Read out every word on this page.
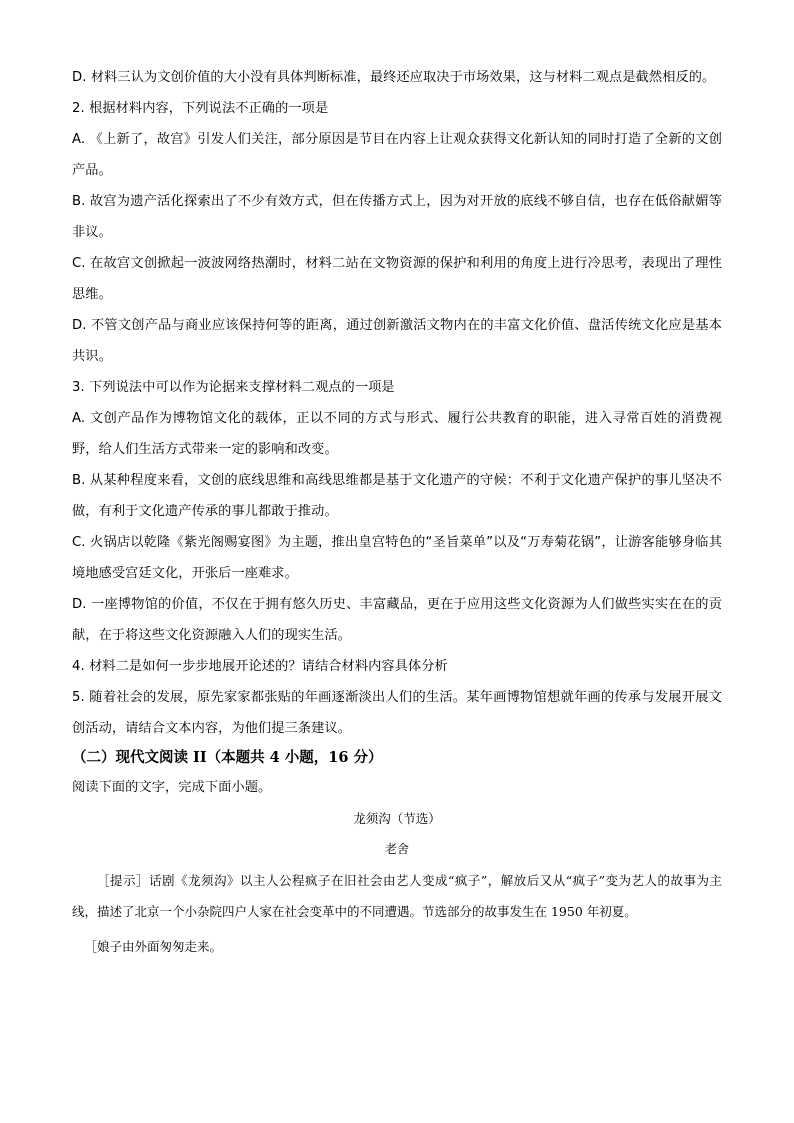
D. 材料三认为文创价值的大小没有具体判断标准，最终还应取决于市场效果，这与材料二观点是截然相反的。

2. 根据材料内容，下列说法不正确的一项是

A. 《上新了，故宫》引发人们关注，部分原因是节目在内容上让观众获得文化新认知的同时打造了全新的文创产品。

B. 故宫为遗产活化探索出了不少有效方式，但在传播方式上，因为对开放的底线不够自信，也存在低俗献媚等非议。

C. 在故宫文创掀起一波波网络热潮时，材料二站在文物资源的保护和利用的角度上进行冷思考，表现出了理性思维。

D. 不管文创产品与商业应该保持何等的距离，通过创新激活文物内在的丰富文化价值、盘活传统文化应是基本共识。

3. 下列说法中可以作为论据来支撑材料二观点的一项是

A. 文创产品作为博物馆文化的载体，正以不同的方式与形式、履行公共教育的职能，进入寻常百姓的消费视野，给人们生活方式带来一定的影响和改变。

B. 从某种程度来看，文创的底线思维和高线思维都是基于文化遗产的守候：不利于文化遗产保护的事儿坚决不做，有利于文化遗产传承的事儿都敢于推动。

C. 火锅店以乾隆《紫光阁赐宴图》为主题，推出皇宫特色的“圣旨菜单”以及“万寿菊花锅”，让游客能够身临其境地感受宫廷文化，开张后一座难求。

D. 一座博物馆的价值，不仅在于拥有悠久历史、丰富藏品，更在于应用这些文化资源为人们做些实实在在的贡献，在于将这些文化资源融入人们的现实生活。

4. 材料二是如何一步步地展开论述的？请结合材料内容具体分析

5. 随着社会的发展，原先家家都张贴的年画逐渐淡出人们的生活。某年画博物馆想就年画的传承与发展开展文创活动，请结合文本内容，为他们提三条建议。

（二）现代文阅读 II（本题共 4 小题，16 分）

阅读下面的文字，完成下面小题。

龙须沟（节选）

老舍

［提示］话剧《龙须沟》以主人公程疯子在旧社会由艺人变成“疯子”，解放后又从“疯子”变为艺人的故事为主线，描述了北京一个小杂院四户人家在社会变革中的不同遭遇。节选部分的故事发生在 1950 年初夏。

［娘子由外面匆匆走来。
